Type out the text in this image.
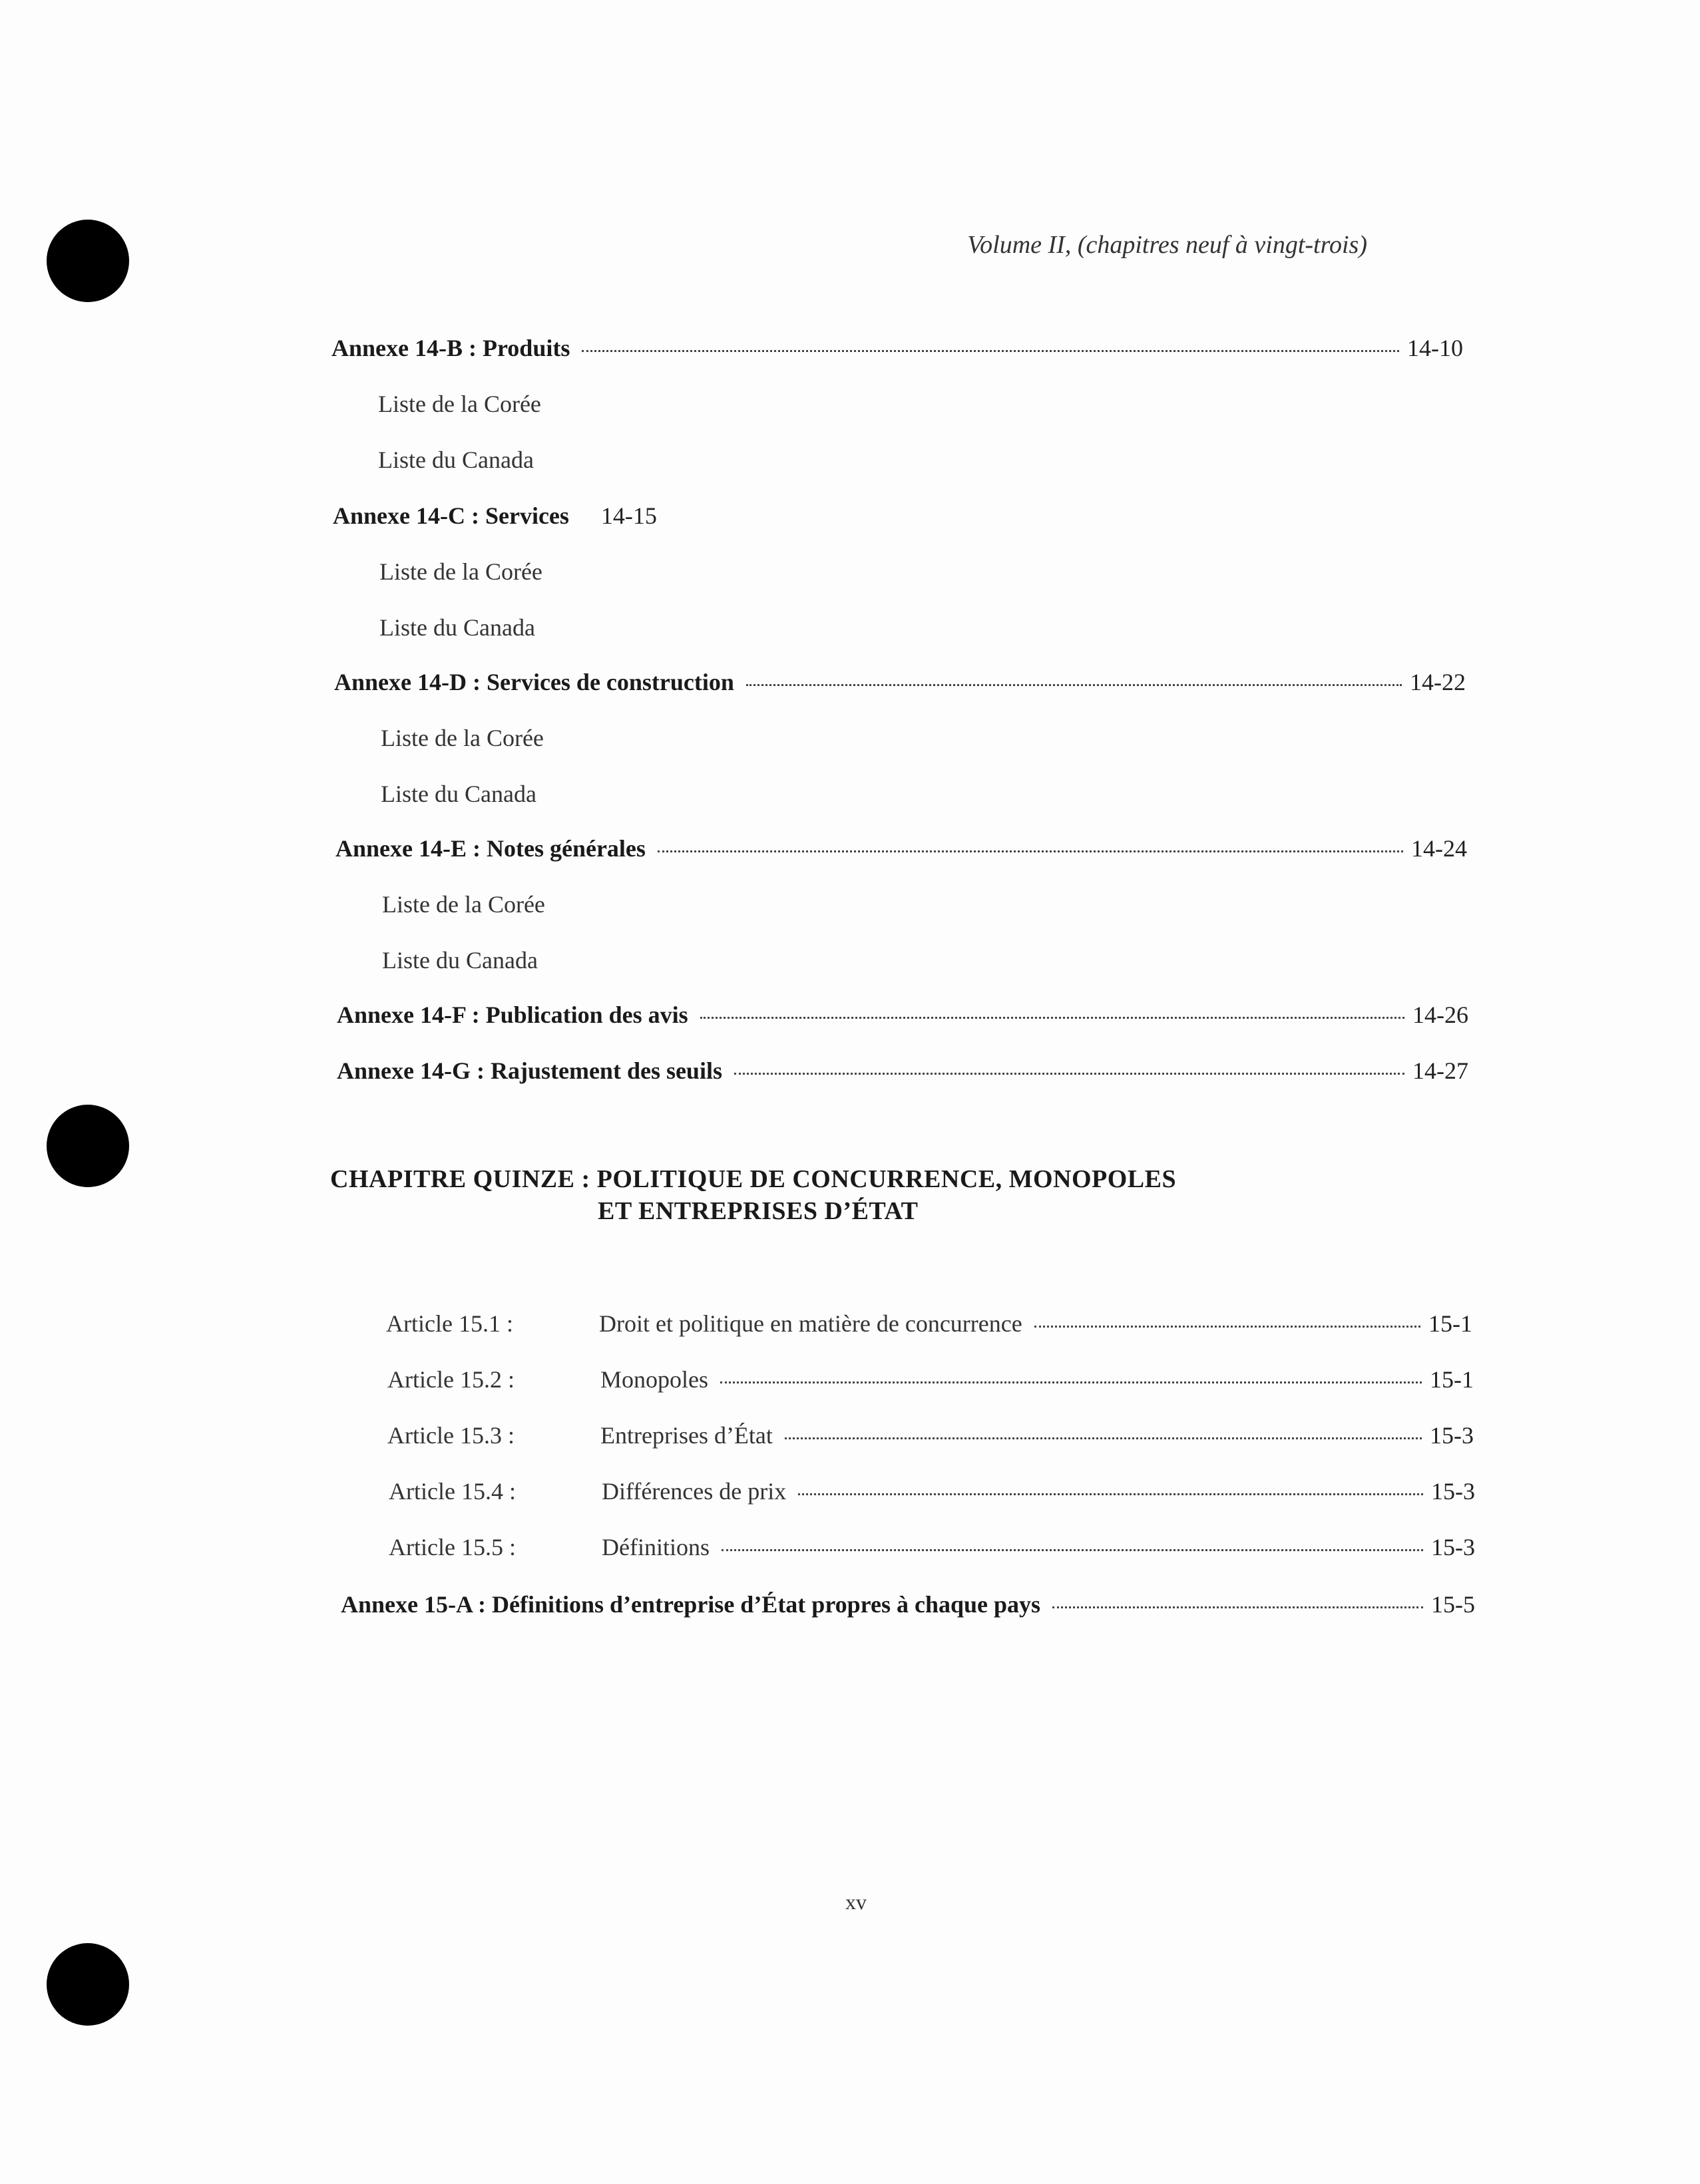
Volume II, (chapitres neuf à vingt-trois)
Annexe 14-B : Produits	14-10
Liste de la Corée
Liste du Canada
Annexe 14-C : Services 14-15
Liste de la Corée
Liste du Canada
Annexe 14-D : Services de construction	14-22
Liste de la Corée
Liste du Canada
Annexe 14-E : Notes générales	14-24
Liste de la Corée
Liste du Canada
Annexe 14-F : Publication des avis	14-26
Annexe 14-G : Rajustement des seuils	14-27
CHAPITRE QUINZE : POLITIQUE DE CONCURRENCE, MONOPOLES
ET ENTREPRISES D’ÉTAT
Article 15.1 :	Droit et politique en matière de concurrence	15-1
Article 15.2 :	Monopoles	15-1
Article 15.3 :	Entreprises d’État	15-3
Article 15.4 :	Différences de prix	15-3
Article 15.5 :	Définitions	15-3
Annexe 15-A : Définitions d’entreprise d’État propres à chaque pays	15-5
xv
